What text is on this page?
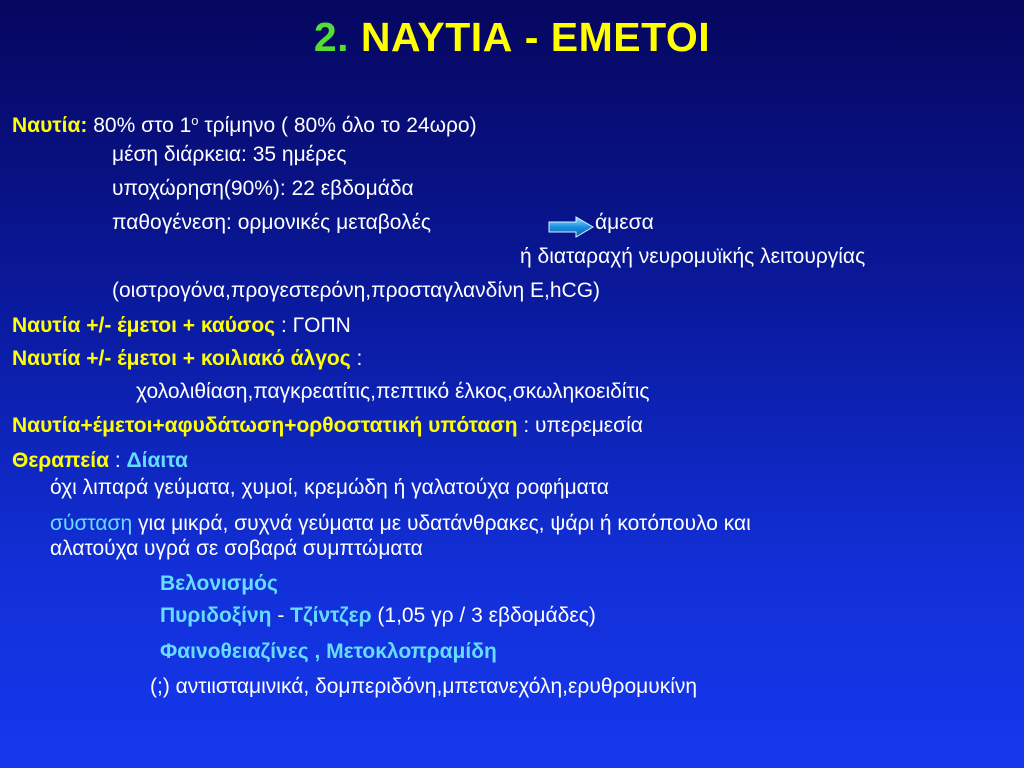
2. ΝΑΥΤΙΑ - ΕΜΕΤΟΙ
Ναυτία: 80% στο $1^o$ τρίμηνο ( 80% όλο το 24ωρο)
μέση διάρκεια: 35 ημέρες
υποχώρηση(90%): 22 εβδομάδα
παθογένεση: ορμονικές μεταβολές	άμεσα
ή διαταραχή νευρομυϊκής λειτουργίας
(οιστρογόνα,προγεστερόνη,προσταγλανδίνη Ε,hCG)
Ναυτία +/- έμετοι + καύσος : ΓΟΠΝ
Ναυτία +/- έμετοι + κοιλιακό άλγος :
χολολιθίαση,παγκρεατίτις,πεπτικό έλκος,σκωληκοειδίτις
Ναυτία+έμετοι+αφυδάτωση+ορθοστατική υπόταση : υπερεμεσία
Θεραπεία : Δίαιτα
όχι λιπαρά γεύματα, χυμοί, κρεμώδη ή γαλατούχα ροφήματα
σύσταση για μικρά, συχνά γεύματα με υδατάνθρακες, ψάρι ή κοτόπουλο και
αλατούχα υγρά σε σοβαρά συμπτώματα
Βελονισμός
Πυριδοξίνη - Τζίντζερ (1,05 γρ / 3 εβδομάδες)
Φαινοθειαζίνες , Μετοκλοπραμίδη
(;) αντιισταμινικά, δομπεριδόνη,μπετανεχόλη,ερυθρομυκίνη
